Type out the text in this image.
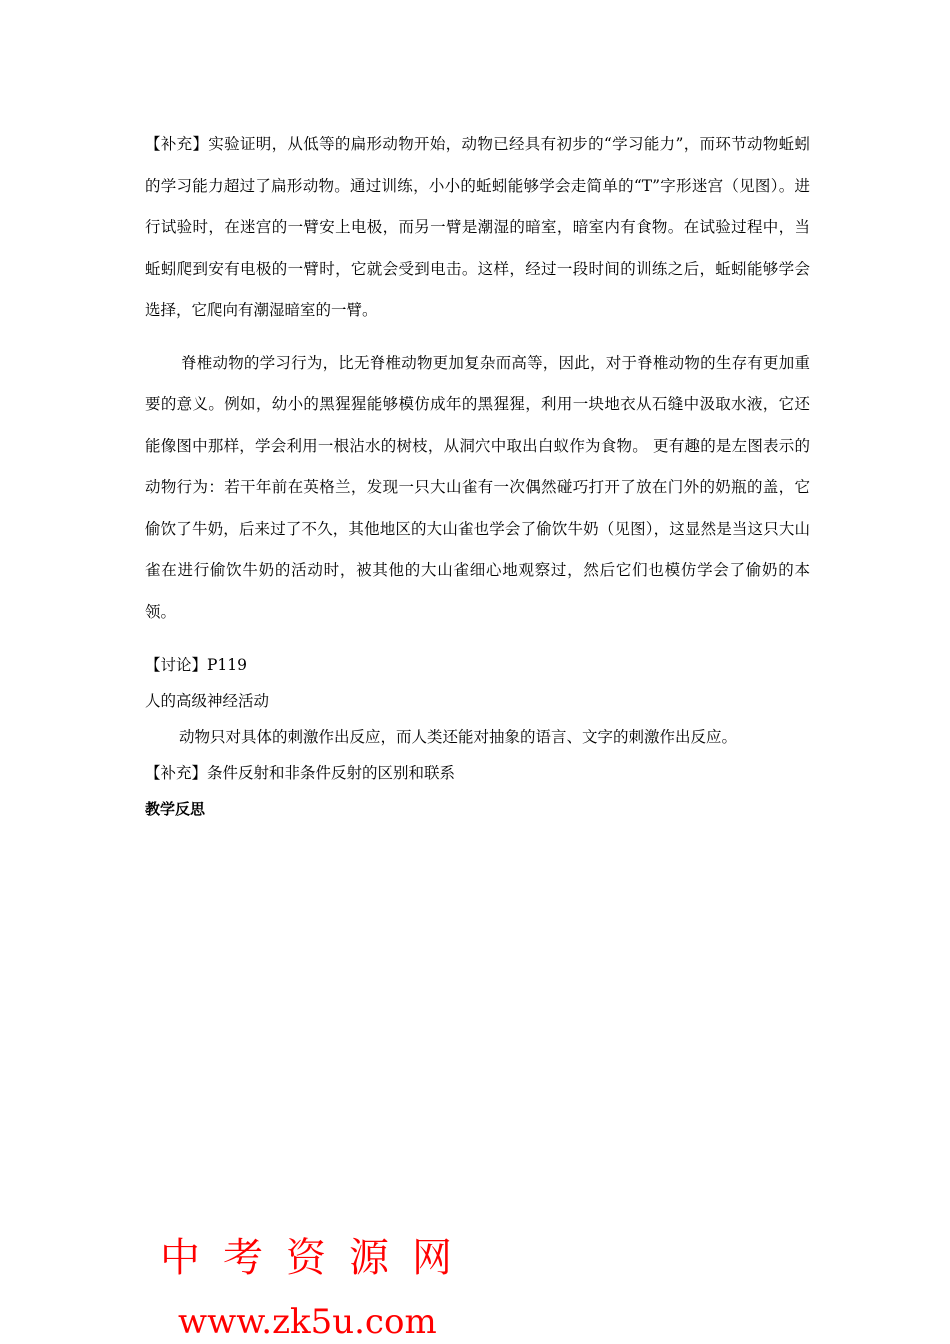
【补充】实验证明，从低等的扁形动物开始，动物已经具有初步的“学习能力”，而环节动物蚯蚓的学习能力超过了扁形动物。通过训练，小小的蚯蚓能够学会走简单的“T”字形迷宫（见图）。进行试验时，在迷宫的一臂安上电极，而另一臂是潮湿的暗室，暗室内有食物。在试验过程中，当蚯蚓爬到安有电极的一臂时，它就会受到电击。这样，经过一段时间的训练之后，蚯蚓能够学会选择，它爬向有潮湿暗室的一臂。

脊椎动物的学习行为，比无脊椎动物更加复杂而高等，因此，对于脊椎动物的生存有更加重要的意义。例如，幼小的黑猩猩能够模仿成年的黑猩猩，利用一块地衣从石缝中汲取水液，它还能像图中那样，学会利用一根沾水的树枝，从洞穴中取出白蚁作为食物。 更有趣的是左图表示的动物行为：若干年前在英格兰，发现一只大山雀有一次偶然碰巧打开了放在门外的奶瓶的盖，它偷饮了牛奶，后来过了不久，其他地区的大山雀也学会了偷饮牛奶（见图），这显然是当这只大山雀在进行偷饮牛奶的活动时，被其他的大山雀细心地观察过，然后它们也模仿学会了偷奶的本领。

【讨论】P119

人的高级神经活动

动物只对具体的刺激作出反应，而人类还能对抽象的语言、文字的刺激作出反应。

【补充】条件反射和非条件反射的区别和联系

教学反思

中考资源网
www.zk5u.com
